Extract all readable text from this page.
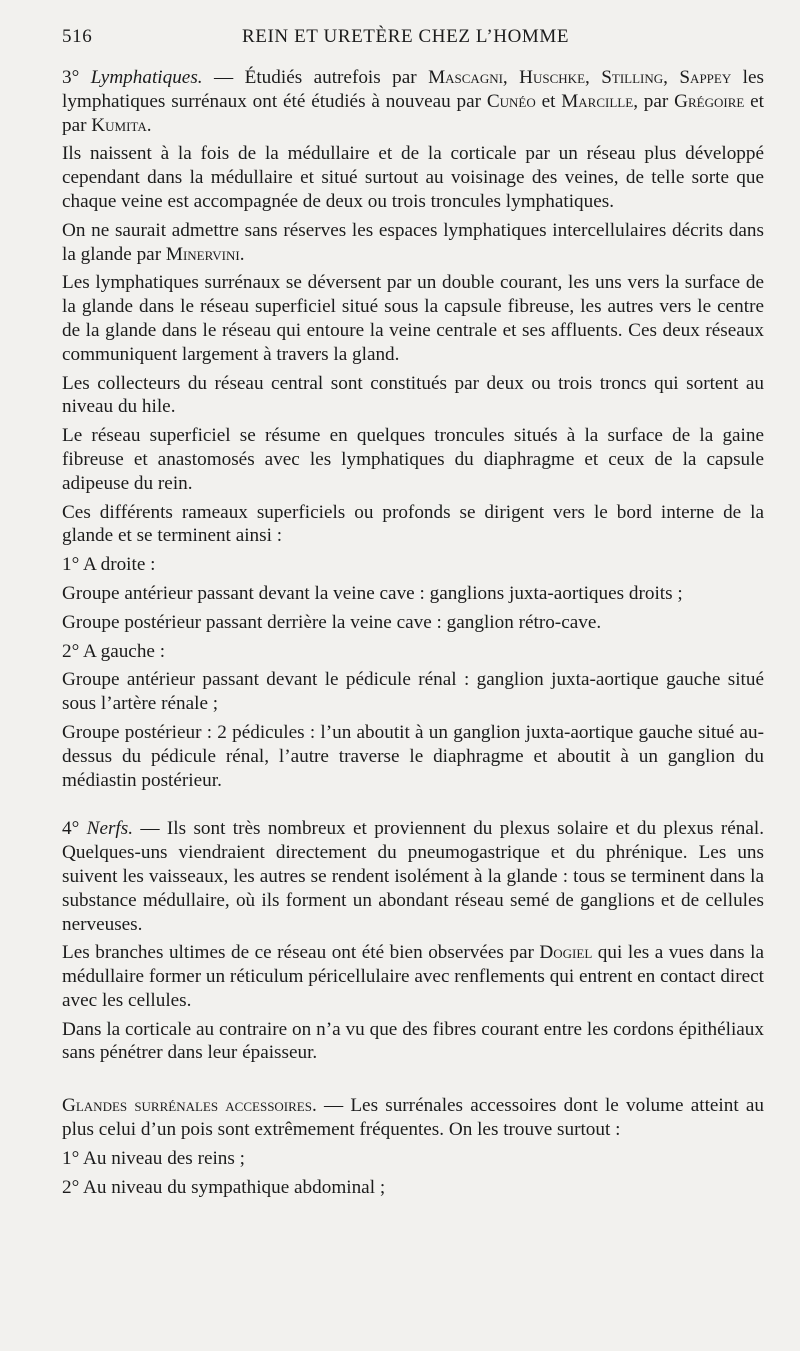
516	REIN ET URETÈRE CHEZ L’HOMME

3° Lymphatiques. — Étudiés autrefois par Mascagni, Huschke, Stilling, Sappey les lymphatiques surrénaux ont été étudiés à nouveau par Cunéo et Marcille, par Grégoire et par Kumita.

Ils naissent à la fois de la médullaire et de la corticale par un réseau plus développé cependant dans la médullaire et situé surtout au voisinage des veines, de telle sorte que chaque veine est accompagnée de deux ou trois troncules lymphatiques.

On ne saurait admettre sans réserves les espaces lymphatiques intercellulaires décrits dans la glande par Minervini.

Les lymphatiques surrénaux se déversent par un double courant, les uns vers la surface de la glande dans le réseau superficiel situé sous la capsule fibreuse, les autres vers le centre de la glande dans le réseau qui entoure la veine centrale et ses affluents. Ces deux réseaux communiquent largement à travers la gland.

Les collecteurs du réseau central sont constitués par deux ou trois troncs qui sortent au niveau du hile.

Le réseau superficiel se résume en quelques troncules situés à la surface de la gaine fibreuse et anastomosés avec les lymphatiques du diaphragme et ceux de la capsule adipeuse du rein.

Ces différents rameaux superficiels ou profonds se dirigent vers le bord interne de la glande et se terminent ainsi :

1° A droite :

Groupe antérieur passant devant la veine cave : ganglions juxta-aortiques droits ;

Groupe postérieur passant derrière la veine cave : ganglion rétro-cave.

2° A gauche :

Groupe antérieur passant devant le pédicule rénal : ganglion juxta-aortique gauche situé sous l’artère rénale ;

Groupe postérieur : 2 pédicules : l’un aboutit à un ganglion juxta-aortique gauche situé au-dessus du pédicule rénal, l’autre traverse le diaphragme et aboutit à un ganglion du médiastin postérieur.

4° Nerfs. — Ils sont très nombreux et proviennent du plexus solaire et du plexus rénal. Quelques-uns viendraient directement du pneumogastrique et du phrénique. Les uns suivent les vaisseaux, les autres se rendent isolément à la glande : tous se terminent dans la substance médullaire, où ils forment un abondant réseau semé de ganglions et de cellules nerveuses.

Les branches ultimes de ce réseau ont été bien observées par Dogiel qui les a vues dans la médullaire former un réticulum péricellulaire avec renflements qui entrent en contact direct avec les cellules.

Dans la corticale au contraire on n’a vu que des fibres courant entre les cordons épithéliaux sans pénétrer dans leur épaisseur.

Glandes surrénales accessoires. — Les surrénales accessoires dont le volume atteint au plus celui d’un pois sont extrêmement fréquentes. On les trouve surtout :

1° Au niveau des reins ;

2° Au niveau du sympathique abdominal ;
